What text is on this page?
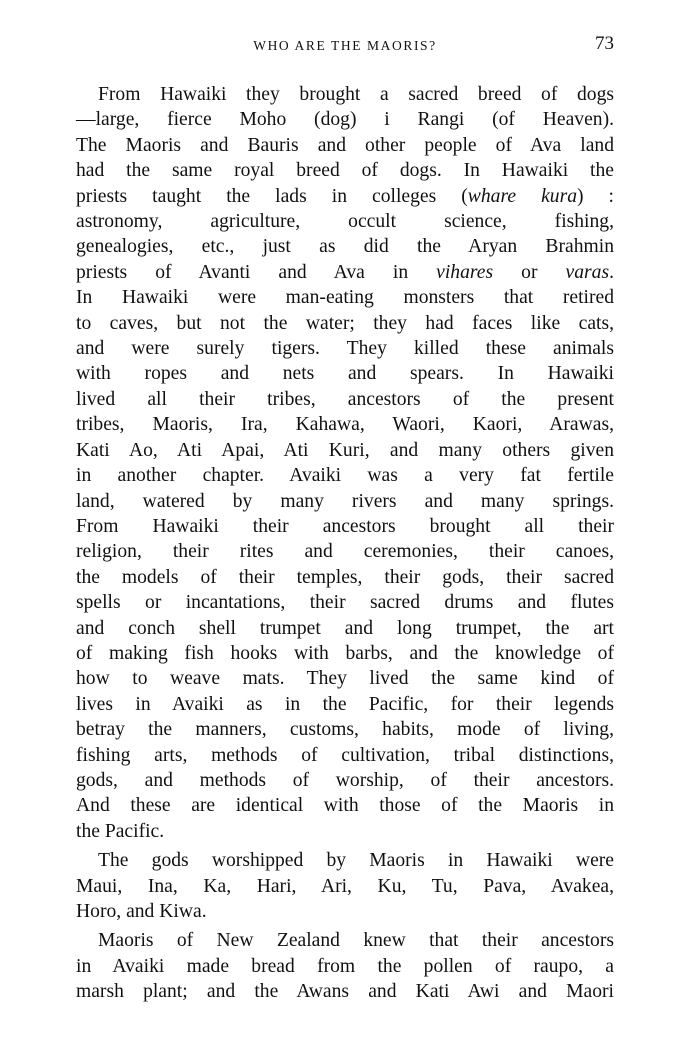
WHO ARE THE MAORIS?	73

From Hawaiki they brought a sacred breed of dogs
—large, fierce Moho (dog) i Rangi (of Heaven).
The Maoris and Bauris and other people of Ava land
had the same royal breed of dogs. In Hawaiki the
priests taught the lads in colleges (whare kura) :
astronomy, agriculture, occult science, fishing,
genealogies, etc., just as did the Aryan Brahmin
priests of Avanti and Ava in vihares or varas.
In Hawaiki were man-eating monsters that retired
to caves, but not the water; they had faces like cats,
and were surely tigers. They killed these animals
with ropes and nets and spears. In Hawaiki
lived all their tribes, ancestors of the present
tribes, Maoris, Ira, Kahawa, Waori, Kaori, Arawas,
Kati Ao, Ati Apai, Ati Kuri, and many others given
in another chapter. Avaiki was a very fat fertile
land, watered by many rivers and many springs.
From Hawaiki their ancestors brought all their
religion, their rites and ceremonies, their canoes,
the models of their temples, their gods, their sacred
spells or incantations, their sacred drums and flutes
and conch shell trumpet and long trumpet, the art
of making fish hooks with barbs, and the knowledge of
how to weave mats. They lived the same kind of
lives in Avaiki as in the Pacific, for their legends
betray the manners, customs, habits, mode of living,
fishing arts, methods of cultivation, tribal distinctions,
gods, and methods of worship, of their ancestors.
And these are identical with those of the Maoris in
the Pacific.

The gods worshipped by Maoris in Hawaiki were
Maui, Ina, Ka, Hari, Ari, Ku, Tu, Pava, Avakea,
Horo, and Kiwa.

Maoris of New Zealand knew that their ancestors
in Avaiki made bread from the pollen of raupo, a
marsh plant; and the Awans and Kati Awi and Maori
